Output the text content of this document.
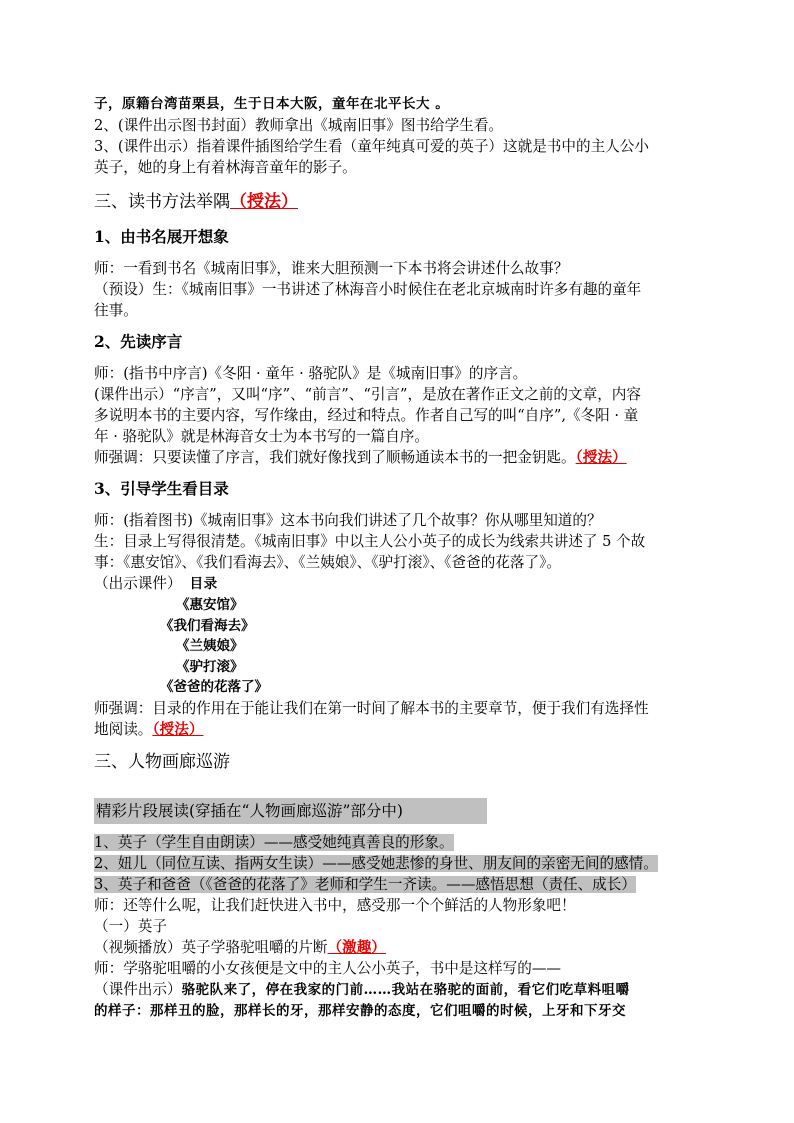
子，原籍台湾苗栗县，生于日本大阪，童年在北平长大 。

2、(课件出示图书封面）教师拿出《城南旧事》图书给学生看。

3、(课件出示）指着课件插图给学生看（童年纯真可爱的英子）这就是书中的主人公小

英子，她的身上有着林海音童年的影子。

三、读书方法举隅（授法）

1、由书名展开想象

师：一看到书名《城南旧事》，谁来大胆预测一下本书将会讲述什么故事？

（预设）生：《城南旧事》一书讲述了林海音小时候住在老北京城南时许多有趣的童年

往事。

2、先读序言

师：(指书中序言)《冬阳 · 童年 · 骆驼队》是《城南旧事》的序言。

(课件出示）“序言”，又叫“序”、“前言”、“引言”，是放在著作正文之前的文章，内容

多说明本书的主要内容，写作缘由，经过和特点。作者自己写的叫“自序”,《冬阳 · 童

年 · 骆驼队》就是林海音女士为本书写的一篇自序。

师强调：只要读懂了序言，我们就好像找到了顺畅通读本书的一把金钥匙。（授法）

3、引导学生看目录

师：(指着图书)《城南旧事》这本书向我们讲述了几个故事？你从哪里知道的？

生：目录上写得很清楚。《城南旧事》中以主人公小英子的成长为线索共讲述了 5 个故

事：《惠安馆》、《我们看海去》、《兰姨娘》、《驴打滚》、《爸爸的花落了》。

（出示课件） 目录

《惠安馆》

《我们看海去》

《兰姨娘》

《驴打滚》

《爸爸的花落了》

师强调：目录的作用在于能让我们在第一时间了解本书的主要章节，便于我们有选择性

地阅读。（授法）

三、人物画廊巡游

精彩片段展读(穿插在“人物画廊巡游”部分中)

1、英子（学生自由朗读）——感受她纯真善良的形象。

2、妞儿（同位互读、指两女生读）——感受她悲惨的身世、朋友间的亲密无间的感情。

3、英子和爸爸（《爸爸的花落了》老师和学生一齐读。——感悟思想（责任、成长）

师：还等什么呢，让我们赶快进入书中，感受那一个个鲜活的人物形象吧！

（一）英子

（视频播放）英子学骆驼咀嚼的片断（激趣）

师：学骆驼咀嚼的小女孩便是文中的主人公小英子，书中是这样写的——

（课件出示）骆驼队来了，停在我家的门前……我站在骆驼的面前，看它们吃草料咀嚼

的样子：那样丑的脸，那样长的牙，那样安静的态度，它们咀嚼的时候，上牙和下牙交
